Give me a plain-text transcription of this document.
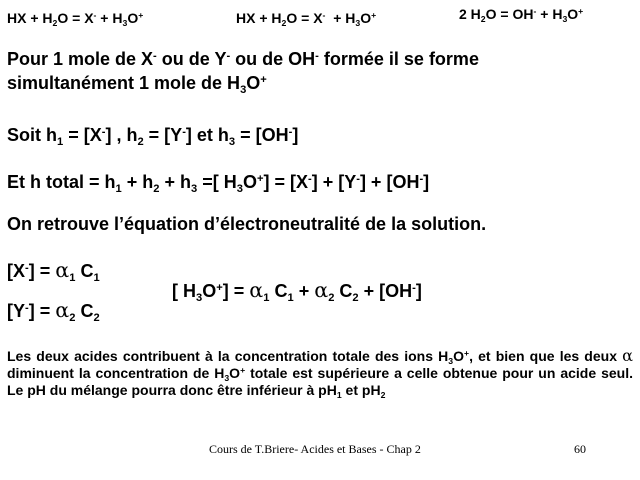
HX + $H_2O = X^- + H_3O^+$	HX + $H_2O = X^- + H_3O^+$	2 $H_2O = OH^- + H_3O^+$
Pour 1 mole de X- ou de Y- ou de OH- formée il se forme
simultanément 1 mole de $H_3O^+$
Soit $h_1 = [X^-]$ , $h_2 = [Y^-]$ et $h_3 = [OH^-]$
Et h total = $h_1 + h_2 + h_3$ =[ $H_3O^+] = [X^-] + [Y^-] + [OH^-]$
On retrouve l’équation d’électroneutralité de la solution.
$[X^-] = \alpha_1$ $C_1$
$[Y^-] = \alpha_2$ $C_2$
[ $H_3O^+] = \alpha_1$ $C_1 + \alpha_2$ $C_2 + [OH^-]$
Les deux acides contribuent à la concentration totale des ions $H_3O^+$, et bien que les deux α diminuent la concentration de $H_3O^+$ totale est supérieure a celle obtenue pour un acide seul. Le pH du mélange pourra donc être inférieur à $pH_1$ et $pH_2$
Cours de T.Briere- Acides et Bases - Chap 2	60
